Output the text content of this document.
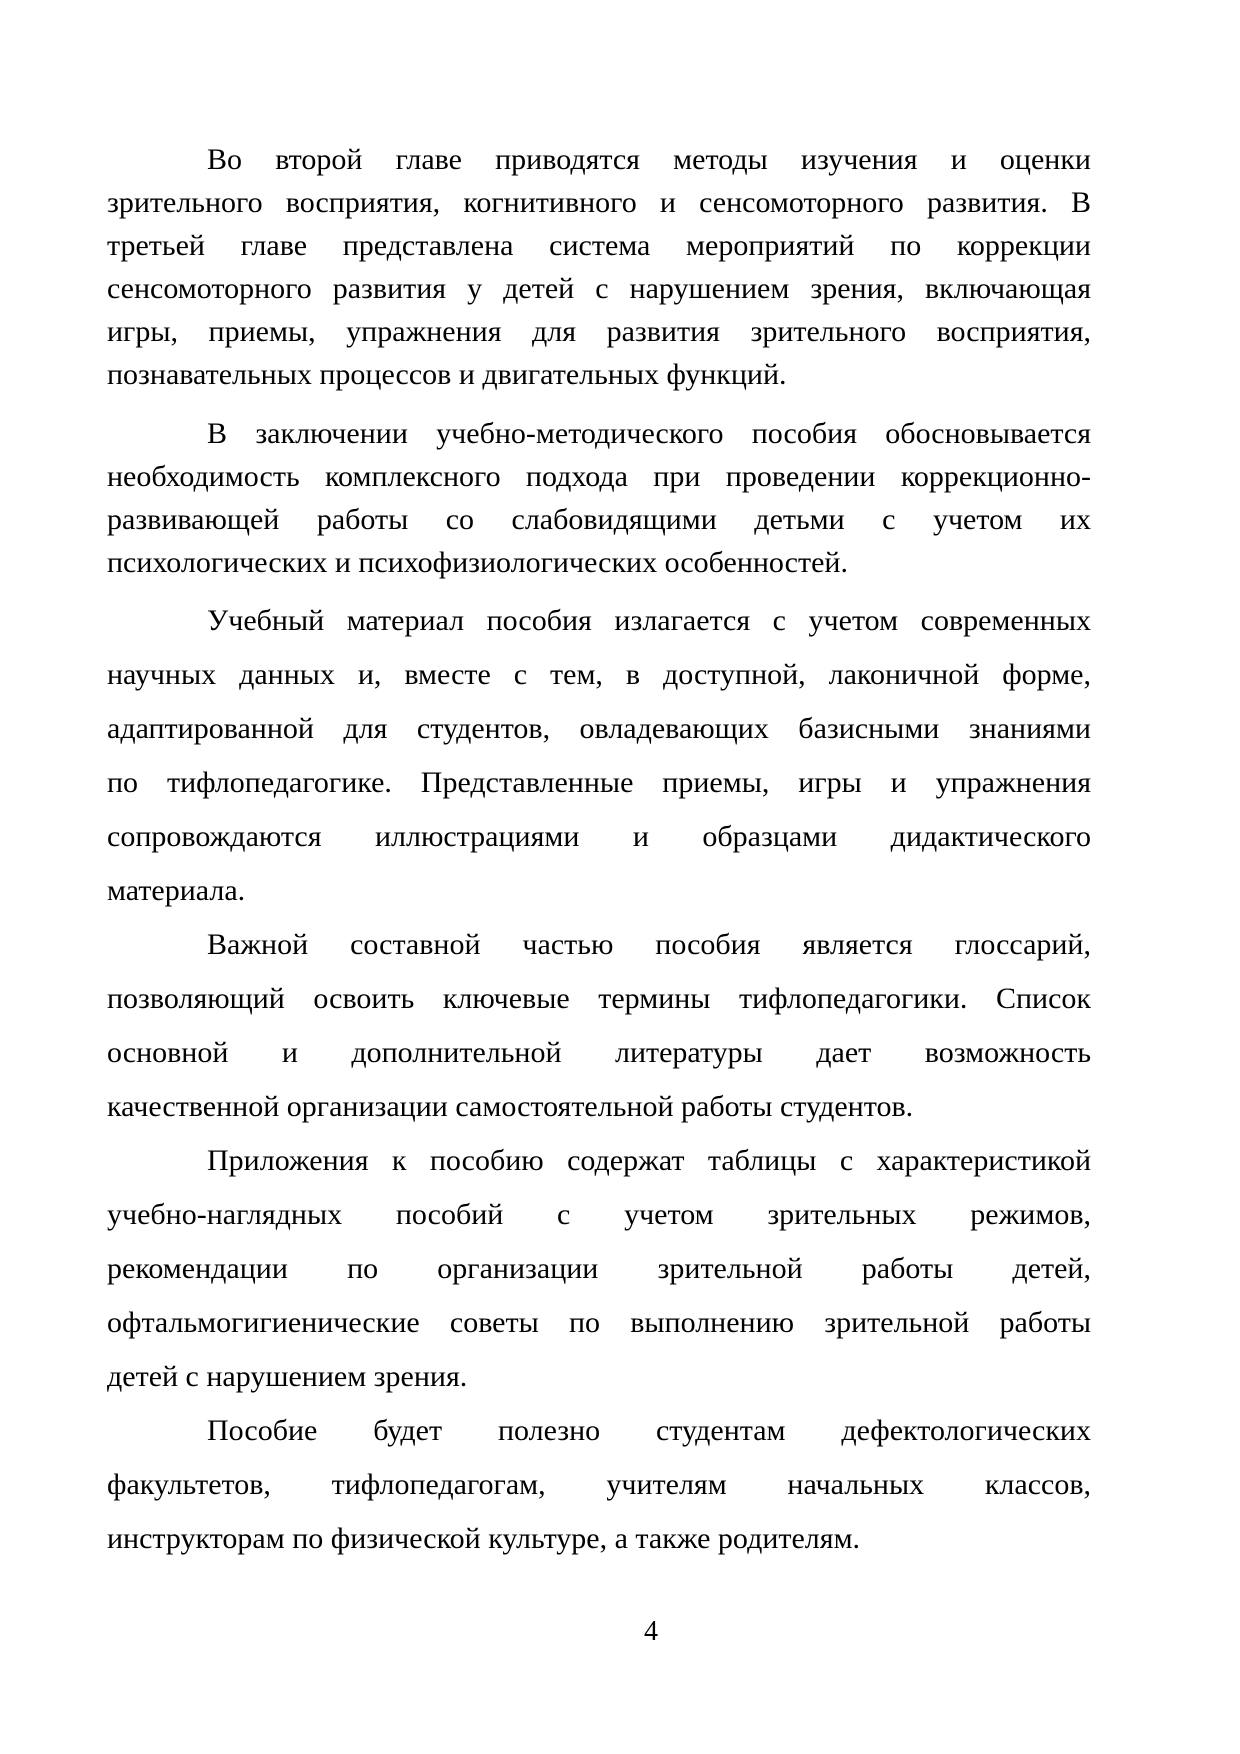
Во второй главе приводятся методы изучения и оценки
зрительного восприятия, когнитивного и сенсомоторного развития. В
третьей главе представлена система мероприятий по коррекции
сенсомоторного развития у детей с нарушением зрения, включающая
игры, приемы, упражнения для развития зрительного восприятия,
познавательных процессов и двигательных функций.
В заключении учебно-методического пособия обосновывается
необходимость комплексного подхода при проведении коррекционно-
развивающей работы со слабовидящими детьми с учетом их
психологических и психофизиологических особенностей.
Учебный материал пособия излагается с учетом современных
научных данных и, вместе с тем, в доступной, лаконичной форме,
адаптированной для студентов, овладевающих базисными знаниями
по тифлопедагогике. Представленные приемы, игры и упражнения
сопровождаются иллюстрациями и образцами дидактического
материала.
Важной составной частью пособия является глоссарий,
позволяющий освоить ключевые термины тифлопедагогики. Список
основной и дополнительной литературы дает возможность
качественной организации самостоятельной работы студентов.
Приложения к пособию содержат таблицы с характеристикой
учебно-наглядных пособий с учетом зрительных режимов,
рекомендации по организации зрительной работы детей,
офтальмогигиенические советы по выполнению зрительной работы
детей с нарушением зрения.
Пособие будет полезно студентам дефектологических
факультетов, тифлопедагогам, учителям начальных классов,
инструкторам по физической культуре, а также родителям.
4
